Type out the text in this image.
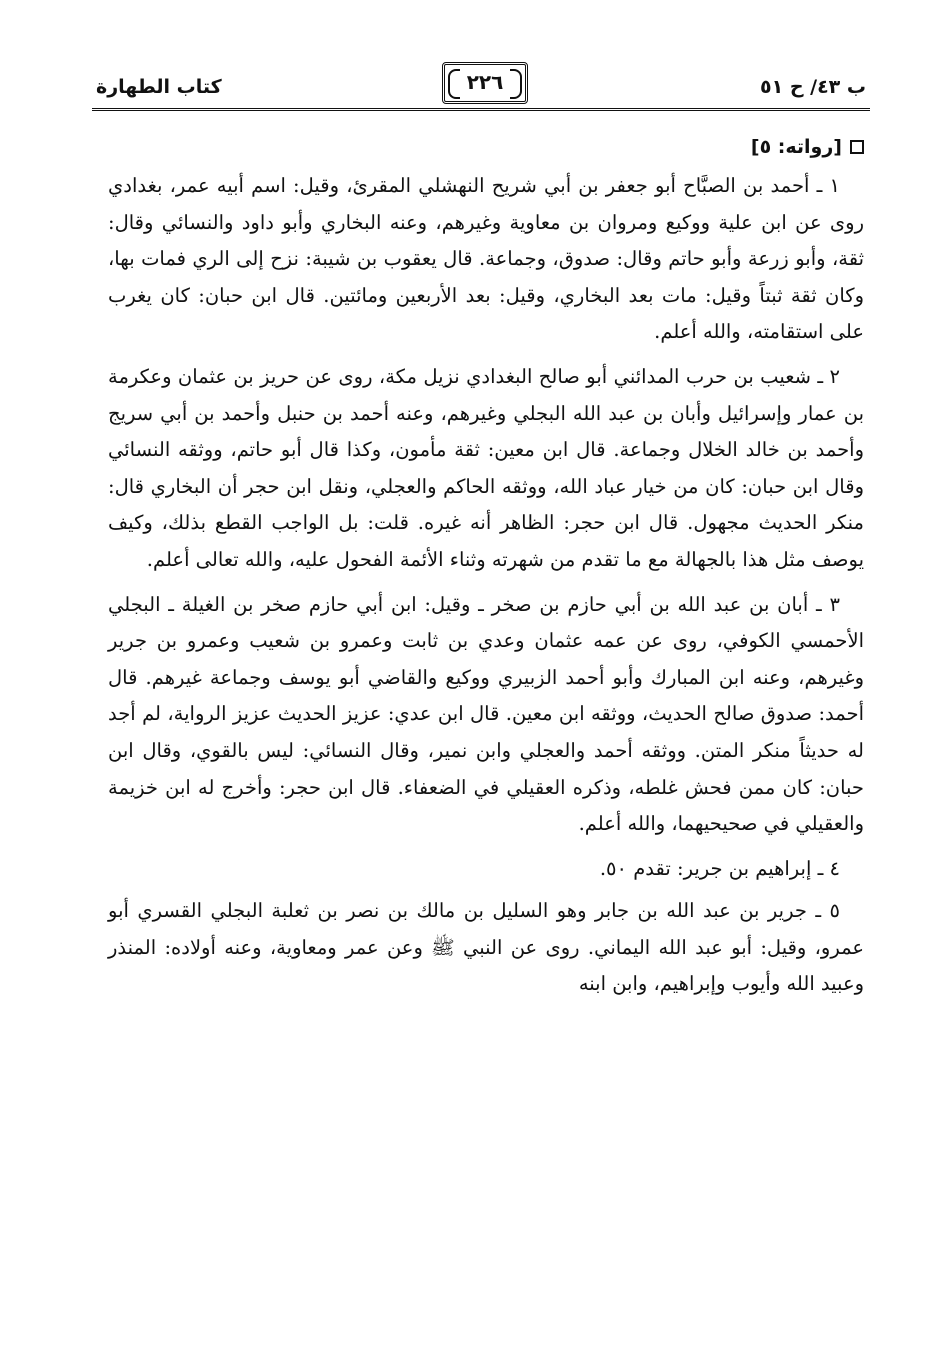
ب ٤٣/ ح ٥١
٢٢٦
كتاب الطهارة
[رواته: ٥]

١ ـ أحمد بن الصبَّاح أبو جعفر بن أبي شريح النهشلي المقرئ، وقيل: اسم أبيه عمر، بغدادي روى عن ابن علية ووكيع ومروان بن معاوية وغيرهم، وعنه البخاري وأبو داود والنسائي وقال: ثقة، وأبو زرعة وأبو حاتم وقال: صدوق، وجماعة. قال يعقوب بن شيبة: نزح إلى الري فمات بها، وكان ثقة ثبتاً وقيل: مات بعد البخاري، وقيل: بعد الأربعين ومائتين. قال ابن حبان: كان يغرب على استقامته، والله أعلم.

٢ ـ شعيب بن حرب المدائني أبو صالح البغدادي نزيل مكة، روى عن حريز بن عثمان وعكرمة بن عمار وإسرائيل وأبان بن عبد الله البجلي وغيرهم، وعنه أحمد بن حنبل وأحمد بن أبي سريج وأحمد بن خالد الخلال وجماعة. قال ابن معين: ثقة مأمون، وكذا قال أبو حاتم، ووثقه النسائي وقال ابن حبان: كان من خيار عباد الله، ووثقه الحاكم والعجلي، ونقل ابن حجر أن البخاري قال: منكر الحديث مجهول. قال ابن حجر: الظاهر أنه غيره. قلت: بل الواجب القطع بذلك، وكيف يوصف مثل هذا بالجهالة مع ما تقدم من شهرته وثناء الأئمة الفحول عليه، والله تعالى أعلم.

٣ ـ أبان بن عبد الله بن أبي حازم بن صخر ـ وقيل: ابن أبي حازم صخر بن الغيلة ـ البجلي الأحمسي الكوفي، روى عن عمه عثمان وعدي بن ثابت وعمرو بن شعيب وعمرو بن جرير وغيرهم، وعنه ابن المبارك وأبو أحمد الزبيري ووكيع والقاضي أبو يوسف وجماعة غيرهم. قال أحمد: صدوق صالح الحديث، ووثقه ابن معين. قال ابن عدي: عزيز الحديث عزيز الرواية، لم أجد له حديثاً منكر المتن. ووثقه أحمد والعجلي وابن نمير، وقال النسائي: ليس بالقوي، وقال ابن حبان: كان ممن فحش غلطه، وذكره العقيلي في الضعفاء. قال ابن حجر: وأخرج له ابن خزيمة والعقيلي في صحيحيهما، والله أعلم.

٤ ـ إبراهيم بن جرير: تقدم ٥٠.

٥ ـ جرير بن عبد الله بن جابر وهو السليل بن مالك بن نصر بن ثعلبة البجلي القسري أبو عمرو، وقيل: أبو عبد الله اليماني. روى عن النبي ﷺ وعن عمر ومعاوية، وعنه أولاده: المنذر وعبيد الله وأيوب وإبراهيم، وابن ابنه
